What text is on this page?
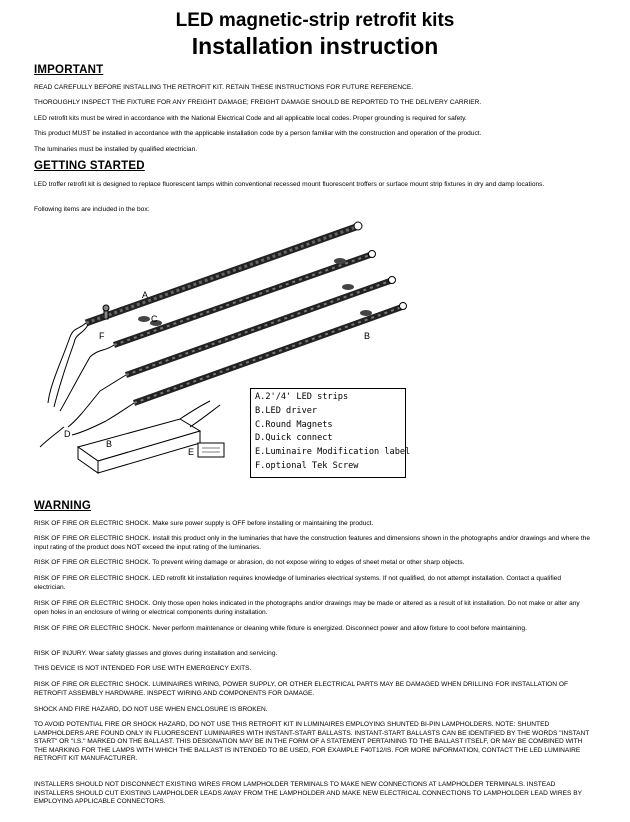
LED magnetic-strip retrofit kits
Installation instruction
IMPORTANT
READ CAREFULLY BEFORE INSTALLING THE RETROFIT KIT. RETAIN THESE INSTRUCTIONS FOR FUTURE REFERENCE.
THOROUGHLY INSPECT THE FIXTURE FOR ANY FREIGHT DAMAGE; FREIGHT DAMAGE SHOULD BE REPORTED TO THE DELIVERY CARRIER.
LED retrofit kits must be wired in accordance with the National Electrical Code and all applicable local codes. Proper grounding is required for safety.
This product MUST be installed in accordance with the applicable installation code by a person familiar with the construction and operation of the product.
The luminaries must be installed by qualified electrician.
GETTING STARTED
LED troffer retrofit kit is designed to replace fluorescent lamps within conventional recessed mount fluorescent troffers or surface mount strip fixtures in dry and damp locations.
Following items are included in the box:
A
B
B
C
D
E
F
A.2'/4' LED strips
B.LED driver
C.Round Magnets
D.Quick connect
E.Luminaire Modification label
F.optional Tek Screw
WARNING
RISK OF FIRE OR ELECTRIC SHOCK. Make sure power supply is OFF before installing or maintaining the product.
RISK OF FIRE OR ELECTRIC SHOCK. Install this product only in the luminaries that have the construction features and dimensions shown in the photographs and/or drawings and where the input rating of the product does NOT exceed the input rating of the luminaries.
RISK OF FIRE OR ELECTRIC SHOCK. To prevent wiring damage or abrasion, do not expose wiring to edges of sheet metal or other sharp objects.
RISK OF FIRE OR ELECTRIC SHOCK. LED retrofit kit installation requires knowledge of luminaries electrical systems. If not qualified, do not attempt installation. Contact a qualified electrician.
RISK OF FIRE OR ELECTRIC SHOCK. Only those open holes indicated in the photographs and/or drawings may be made or altered as a result of kit installation. Do not make or alter any open holes in an enclosure of wiring or electrical components during installation.
RISK OF FIRE OR ELECTRIC SHOCK. Never perform maintenance or cleaning while fixture is energized. Disconnect power and allow fixture to cool before maintaining.
RISK OF INJURY. Wear safety glasses and gloves during installation and servicing.
THIS DEVICE IS NOT INTENDED FOR USE WITH EMERGENCY EXITS.
RISK OF FIRE OR ELECTRIC SHOCK. LUMINAIRES WIRING, POWER SUPPLY, OR OTHER ELECTRICAL PARTS MAY BE DAMAGED WHEN DRILLING FOR INSTALLATION OF RETROFIT ASSEMBLY HARDWARE. INSPECT WIRING AND COMPONENTS FOR DAMAGE.
SHOCK AND FIRE HAZARD, DO NOT USE WHEN ENCLOSURE IS BROKEN.
TO AVOID POTENTIAL FIRE OR SHOCK HAZARD, DO NOT USE THIS RETROFIT KIT IN LUMINAIRES EMPLOYING SHUNTED BI-PIN LAMPHOLDERS. NOTE: SHUNTED LAMPHOLDERS ARE FOUND ONLY IN FLUORESCENT LUMINAIRES WITH INSTANT-START BALLASTS. INSTANT-START BALLASTS CAN BE IDENTIFIED BY THE WORDS "INSTANT START" OR "I.S." MARKED ON THE BALLAST. THIS DESIGNATION MAY BE IN THE FORM OF A STATEMENT PERTAINING TO THE BALLAST ITSELF, OR MAY BE COMBINED WITH THE MARKING FOR THE LAMPS WITH WHICH THE BALLAST IS INTENDED TO BE USED, FOR EXAMPLE F40T12/IS. FOR MORE INFORMATION, CONTACT THE LED LUMINAIRE RETROFIT KIT MANUFACTURER.
INSTALLERS SHOULD NOT DISCONNECT EXISTING WIRES FROM LAMPHOLDER TERMINALS TO MAKE NEW CONNECTIONS AT LAMPHOLDER TERMINALS. INSTEAD INSTALLERS SHOULD CUT EXISTING LAMPHOLDER LEADS AWAY FROM THE LAMPHOLDER AND MAKE NEW ELECTRICAL CONNECTIONS TO LAMPHOLDER LEAD WIRES BY EMPLOYING APPLICABLE CONNECTORS.
